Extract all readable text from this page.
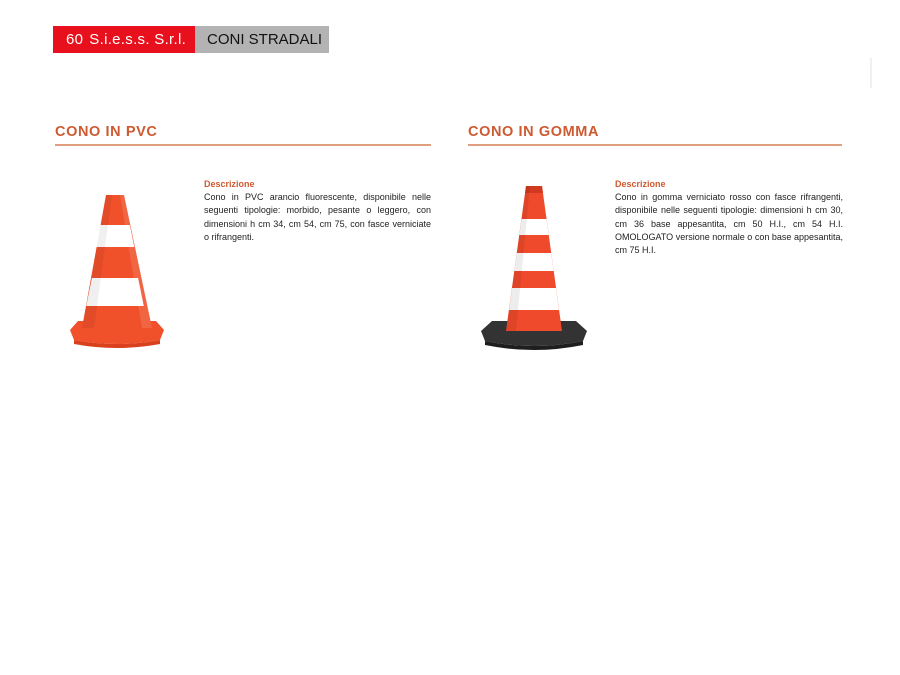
60 S.i.e.s.s. S.r.l. CONI STRADALI
CONO IN PVC
Descrizione

Cono in PVC arancio fluorescente, disponibile nelle seguenti tipologie: morbido, pesante o leggero, con dimensioni h cm 34, cm 54, cm 75, con fasce verniciate o rifrangenti.

CONO IN GOMMA
Descrizione

Cono in gomma verniciato rosso con fasce rifrangenti, disponibile nelle seguenti tipologie: dimensioni h cm 30, cm 36 base appesantita, cm 50 H.I., cm 54 H.I. OMOLOGATO versione normale o con base appesantita, cm 75 H.I.
